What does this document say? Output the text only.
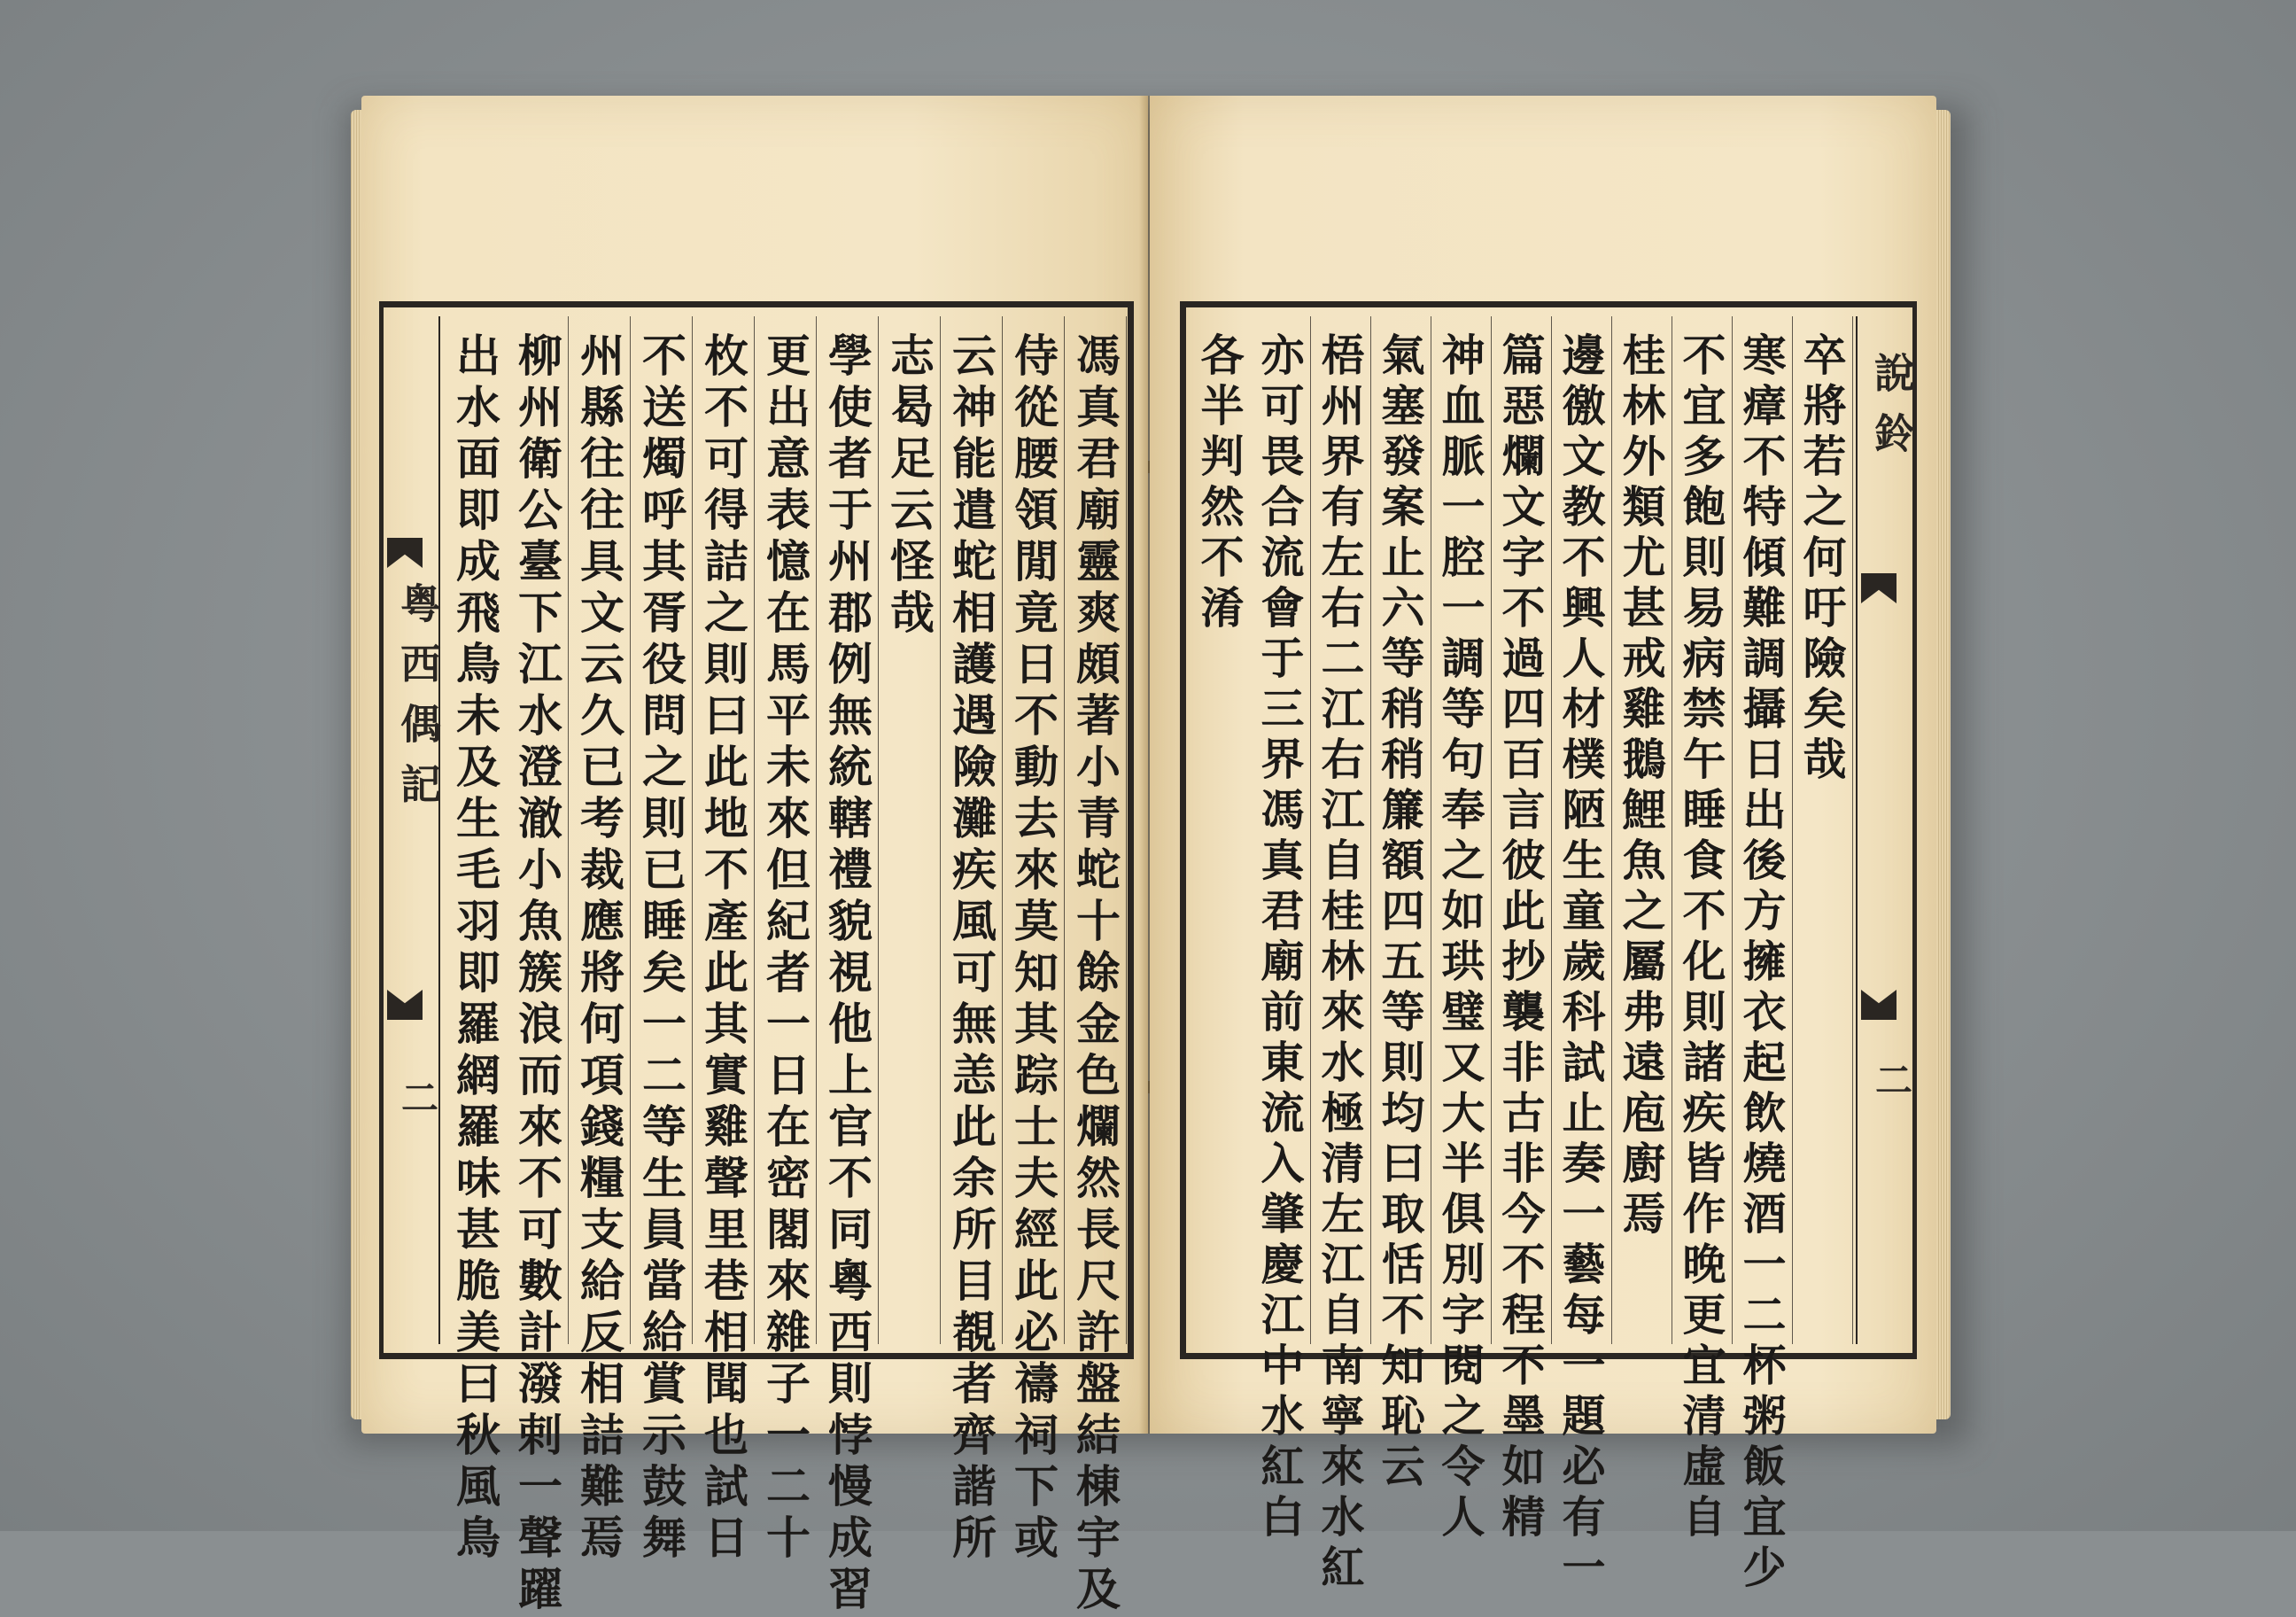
粤西偶記
二	馮真君廟靈爽頗著小青蛇十餘金色爛然長尺許盤結棟宇及
侍從腰領閒竟日不動去來莫知其踪士夫經此必禱祠下或
云神能遣蛇相護遇險灘疾風可無恙此余所目覩者齊諧所
志曷足云怪哉
學使者于州郡例無統轄禮貌視他上官不同粵西則悖慢成習
更出意表憶在馬平未來但紀者一日在密閣來雜子一二十
枚不可得詰之則曰此地不產此其實雞聲里巷相聞也試日
不送燭呼其胥役問之則已睡矣一二等生員當給賞示鼓舞
州縣往往具文云久已考裁應將何項錢糧支給反相詰難焉
柳州衛公臺下江水澄澈小魚簇浪而來不可數計潑剌一聲躍
出水面即成飛鳥未及生毛羽即羅網羅味甚脆美曰秋風鳥	卒將若之何吁險矣哉
寒瘴不特傾難調攝日出後方擁衣起飲燒酒一二杯粥飯宜少
不宜多飽則易病禁午睡食不化則諸疾皆作晚更宜清虛自
桂林外類尤甚戒雞鵝鯉魚之屬弗遠庖廚焉
邊徼文教不興人材樸陋生童歲科試止奏一藝每一題必有一
篇惡爛文字不過四百言彼此抄襲非古非今不程不墨如精
神血脈一腔一調等句奉之如珙璧又大半俱別字閱之令人
氣塞發案止六等稍稍簾額四五等則均曰取恬不知恥云
梧州界有左右二江右江自桂林來水極清左江自南寧來水紅
亦可畏合流會于三界馮真君廟前東流入肇慶江中水紅白
各半判然不淆	說鈴
二
